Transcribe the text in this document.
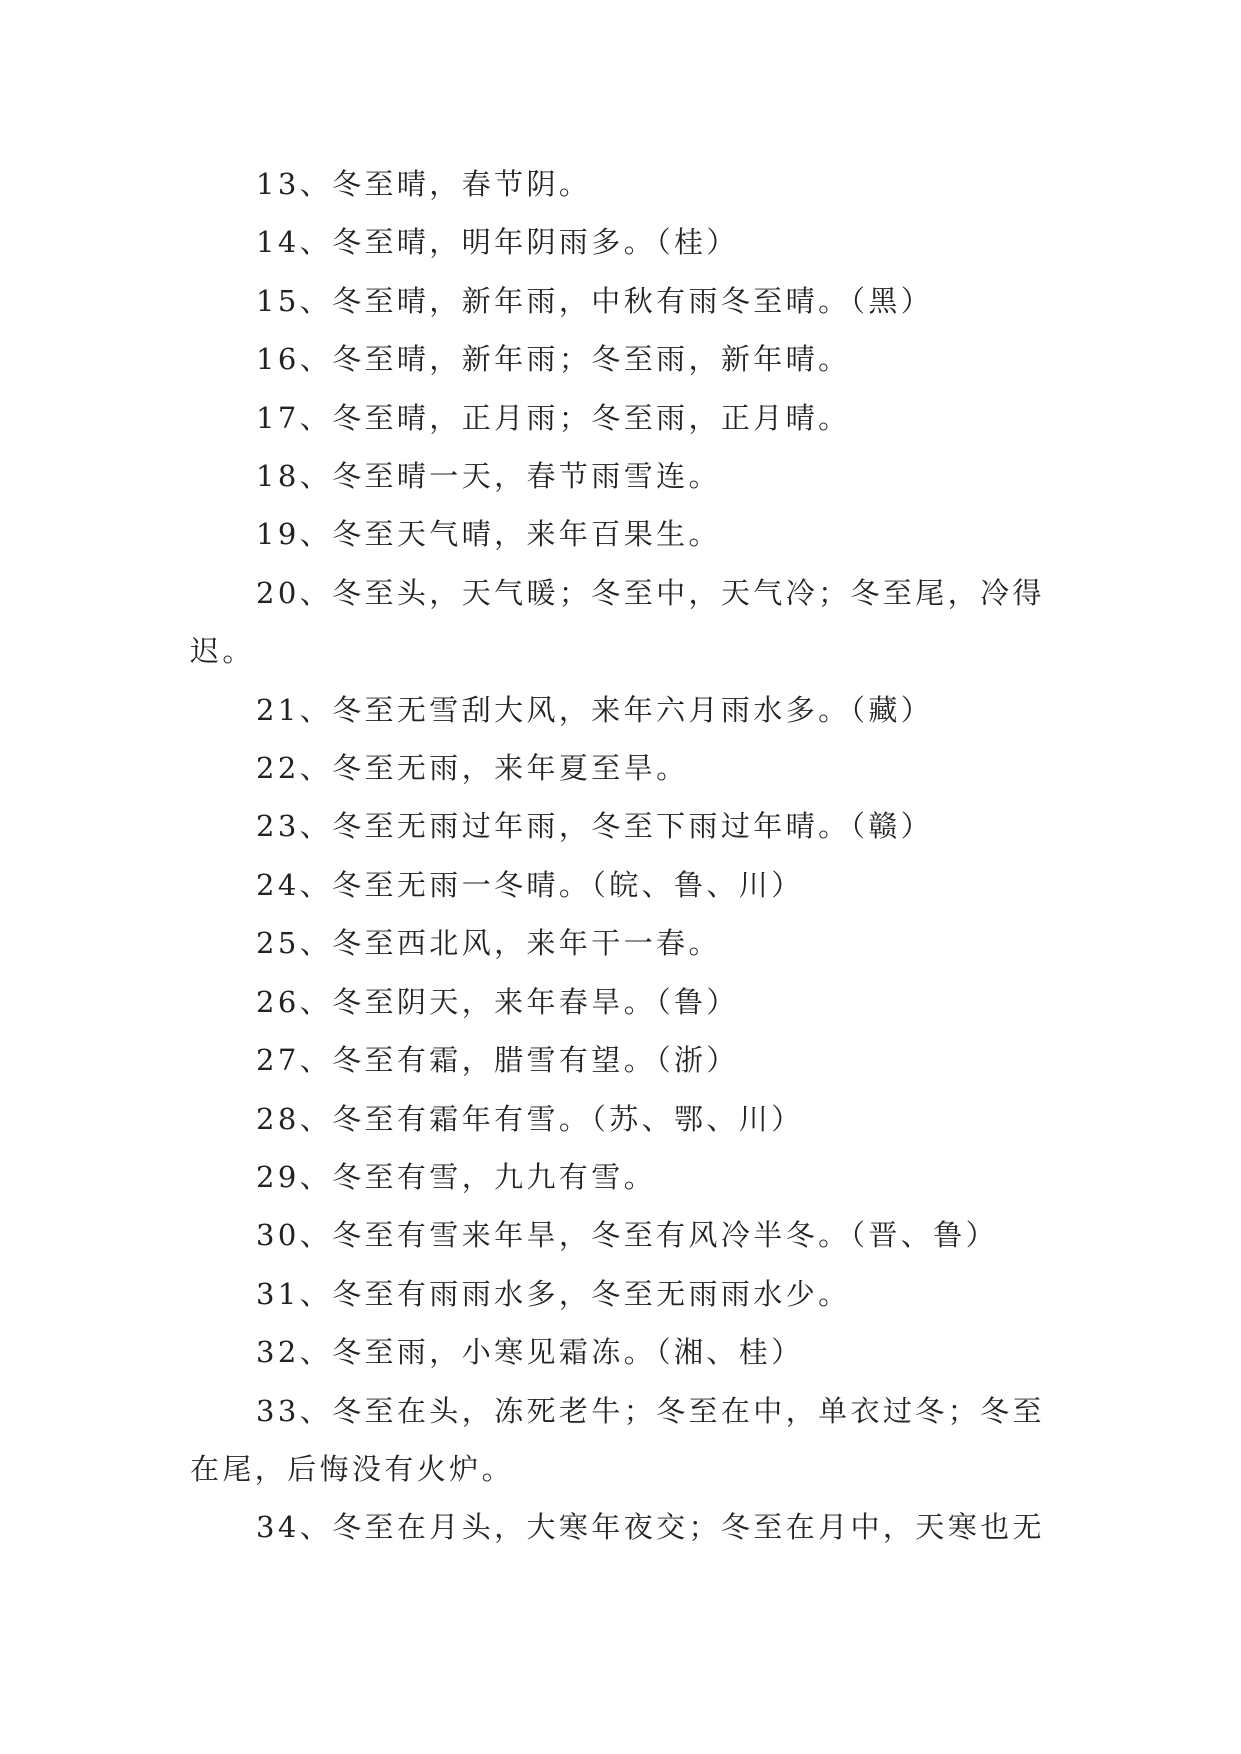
13、冬至晴，春节阴。

14、冬至晴，明年阴雨多。（桂）

15、冬至晴，新年雨，中秋有雨冬至晴。（黑）

16、冬至晴，新年雨；冬至雨，新年晴。

17、冬至晴，正月雨；冬至雨，正月晴。

18、冬至晴一天，春节雨雪连。

19、冬至天气晴，来年百果生。

20、冬至头，天气暖；冬至中，天气冷；冬至尾，冷得迟。

21、冬至无雪刮大风，来年六月雨水多。（藏）

22、冬至无雨，来年夏至旱。

23、冬至无雨过年雨，冬至下雨过年晴。（赣）

24、冬至无雨一冬晴。（皖、鲁、川）

25、冬至西北风，来年干一春。

26、冬至阴天，来年春旱。（鲁）

27、冬至有霜，腊雪有望。（浙）

28、冬至有霜年有雪。（苏、鄂、川）

29、冬至有雪，九九有雪。

30、冬至有雪来年旱，冬至有风冷半冬。（晋、鲁）

31、冬至有雨雨水多，冬至无雨雨水少。

32、冬至雨，小寒见霜冻。（湘、桂）

33、冬至在头，冻死老牛；冬至在中，单衣过冬；冬至在尾，后悔没有火炉。

34、冬至在月头，大寒年夜交；冬至在月中，天寒也无
